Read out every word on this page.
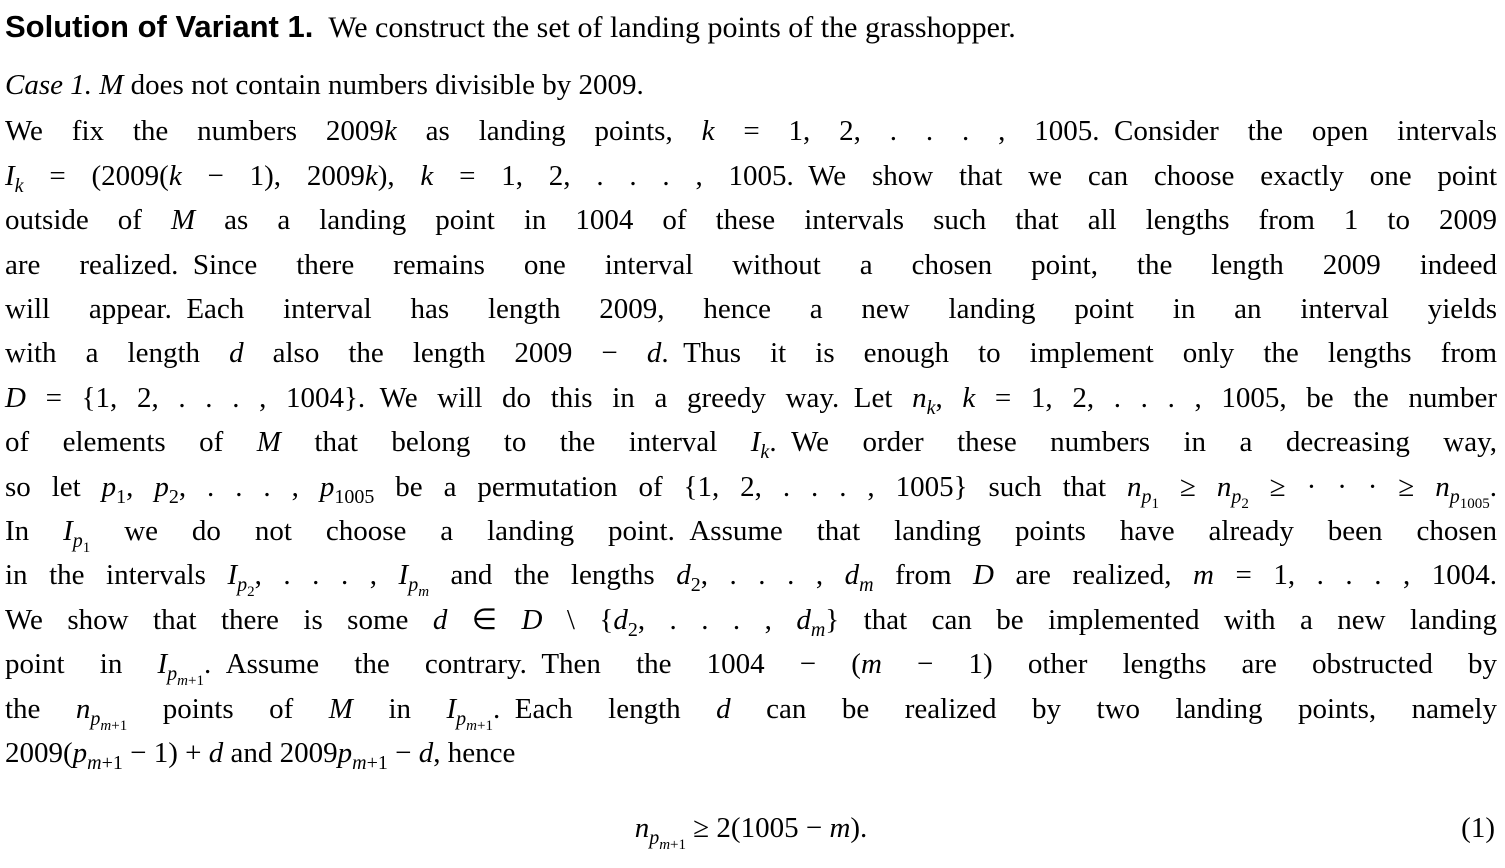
Solution of Variant 1. We construct the set of landing points of the grasshopper.
Case 1. M does not contain numbers divisible by 2009.
We fix the numbers 2009k as landing points, k = 1, 2, . . . , 1005. Consider the open intervals
$I_k = (2009(k - 1)$, 2009k), k = 1, 2, . . . , 1005. We show that we can choose exactly one point
outside of M as a landing point in 1004 of these intervals such that all lengths from 1 to 2009
are realized. Since there remains one interval without a chosen point, the length 2009 indeed
will appear. Each interval has length 2009, hence a new landing point in an interval yields
with a length d also the length 2009 − d. Thus it is enough to implement only the lengths from
D = {1, 2, . . . , 1004}. We will do this in a greedy way. Let $n_k$, k = 1, 2, . . . , 1005, be the number
of elements of M that belong to the interval $I_k$. We order these numbers in a decreasing way,
so let $p_1$, $p_2$, . . . , $p_{1005}$ be a permutation of {1, 2, . . . , 1005} such that $n_{p1} \ge n_{p2}$ ≥ · · · ≥ $n_{p1005}$.
In $I_{p1}$ we do not choose a landing point. Assume that landing points have already been chosen
in the intervals $I_{p2}$, . . . , $I_{pm}$ and the lengths $d_2$, . . . , $d_m$ from D are realized, m = 1, . . . , 1004.
We show that there is some d ∈ D \ {$d_2$, . . . , $d_m$} that can be implemented with a new landing
point in $I_{pm+1}$. Assume the contrary. Then the 1004 − (m − 1) other lengths are obstructed by
the $n_{pm+1}$ points of M in $I_{pm+1}$. Each length d can be realized by two landing points, namely
$2009(p_{m+1} - 1) + d$ and $2009p_{m+1} - d$, hence
$n_{pm+1} \ge 2(1005 - m)$.	(1)
